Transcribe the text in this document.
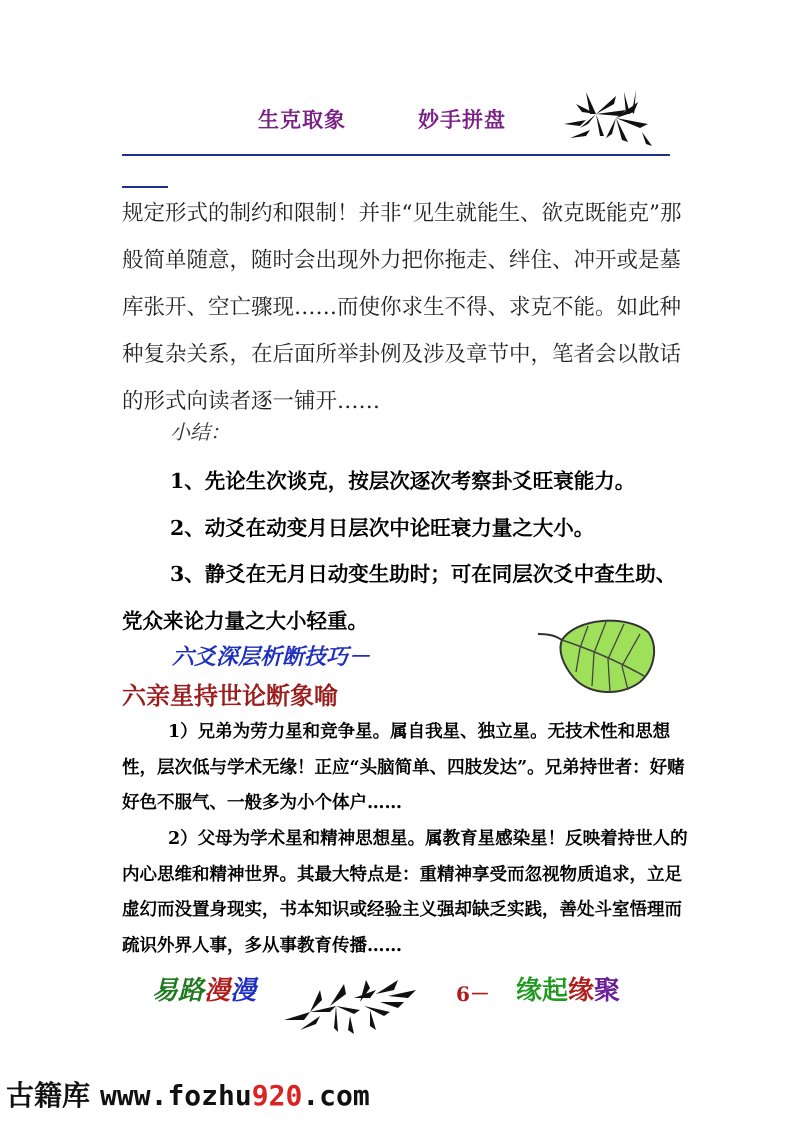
生克取象	妙手拼盘
规定形式的制约和限制！并非“见生就能生、欲克既能克”那般简单随意，随时会出现外力把你拖走、绊住、冲开或是墓库张开、空亡骤现……而使你求生不得、求克不能。如此种种复杂关系，在后面所举卦例及涉及章节中，笔者会以散话的形式向读者逐一铺开……
小结：
1、先论生次谈克，按层次逐次考察卦爻旺衰能力。
2、动爻在动变月日层次中论旺衰力量之大小。
3、静爻在无月日动变生助时；可在同层次爻中查生助、党众来论力量之大小轻重。
六爻深层析断技巧－
六亲星持世论断象喻
1）兄弟为劳力星和竞争星。属自我星、独立星。无技术性和思想性，层次低与学术无缘！正应“头脑简单、四肢发达”。兄弟持世者：好赌好色不服气、一般多为小个体户……
2）父母为学术星和精神思想星。属教育星感染星！反映着持世人的内心思维和精神世界。其最大特点是：重精神享受而忽视物质追求，立足虚幻而没置身现实，书本知识或经验主义强却缺乏实践，善处斗室悟理而疏识外界人事，多从事教育传播……
易路漫漫	6－ 缘起缘聚
古籍库 www.fozhu920.com
